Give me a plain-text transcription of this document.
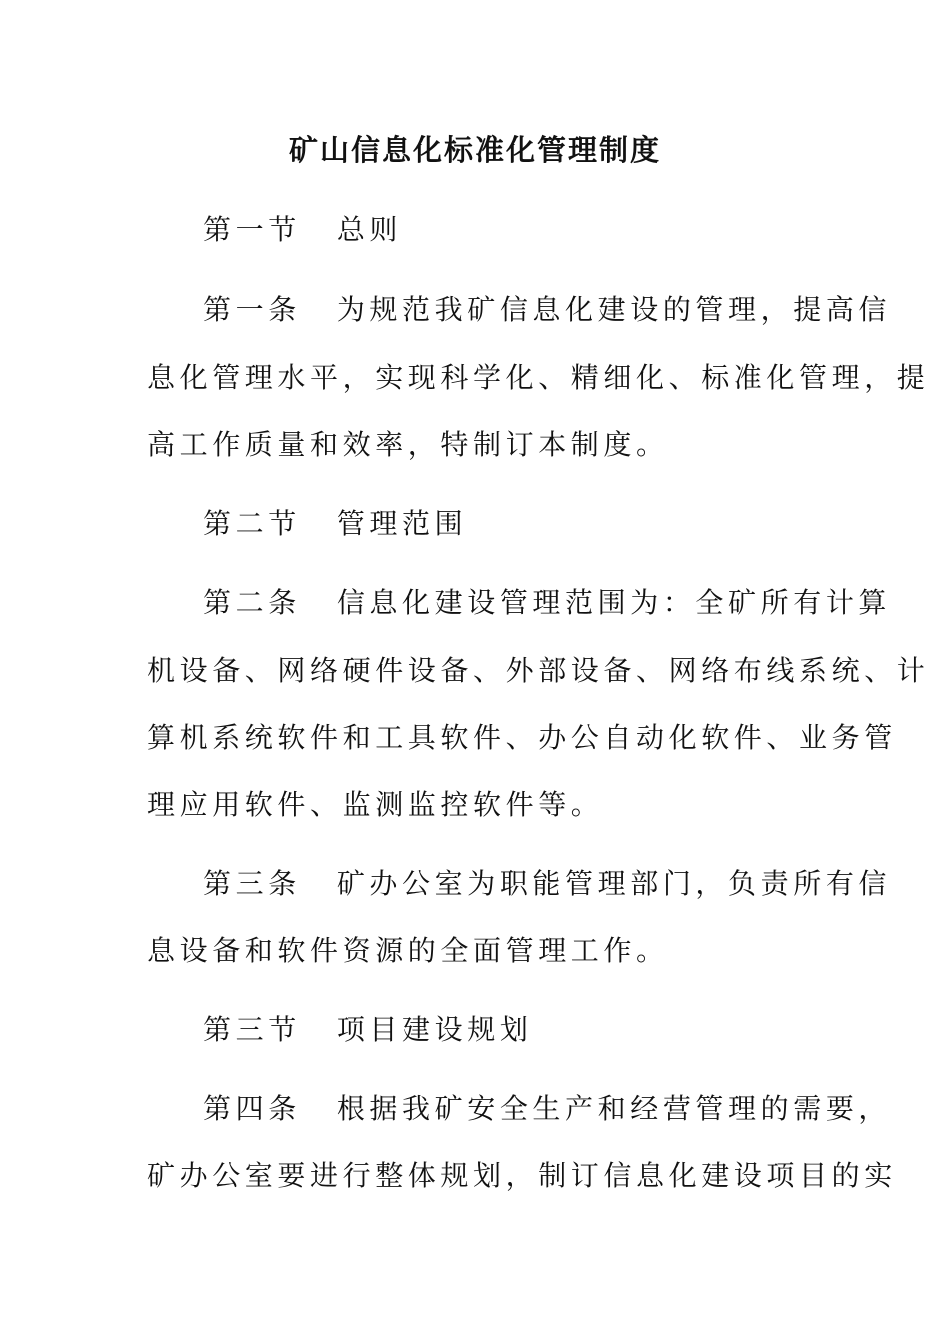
矿山信息化标准化管理制度
第一节 总则
第一条 为规范我矿信息化建设的管理，提高信
息化管理水平，实现科学化、精细化、标准化管理，提
高工作质量和效率，特制订本制度。
第二节 管理范围
第二条 信息化建设管理范围为：全矿所有计算
机设备、网络硬件设备、外部设备、网络布线系统、计
算机系统软件和工具软件、办公自动化软件、业务管
理应用软件、监测监控软件等。
第三条 矿办公室为职能管理部门，负责所有信
息设备和软件资源的全面管理工作。
第三节 项目建设规划
第四条 根据我矿安全生产和经营管理的需要，
矿办公室要进行整体规划，制订信息化建设项目的实
